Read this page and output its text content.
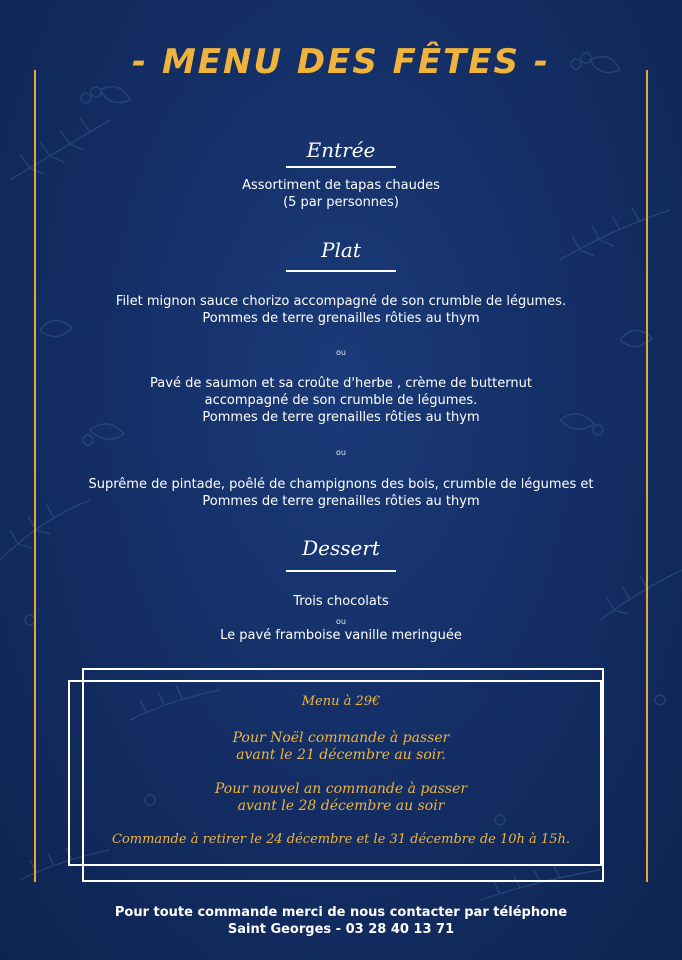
- MENU DES FÊTES -
Entrée
Assortiment de tapas chaudes
(5 par personnes)
Plat
Filet mignon sauce chorizo accompagné de son crumble de légumes.
Pommes de terre grenailles rôties au thym
ou
Pavé de saumon et sa croûte d'herbe , crème de butternut
accompagné de son crumble de légumes.
Pommes de terre grenailles rôties au thym
ou
Suprême de pintade, poêlé de champignons des bois, crumble de légumes et
Pommes de terre grenailles rôties au thym
Dessert
Trois chocolats
ou
Le pavé framboise vanille meringuée
Menu à 29€
Pour Noël commande à passer
avant le 21 décembre au soir.
Pour nouvel an commande à passer
avant le 28 décembre au soir
Commande à retirer le 24 décembre et le 31 décembre de 10h à 15h.
Pour toute commande merci de nous contacter par téléphone
Saint Georges - 03 28 40 13 71
